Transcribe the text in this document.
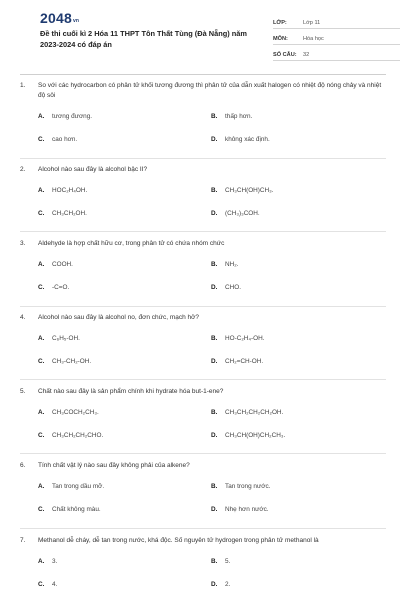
$2048_{vn}$
Đề thi cuối kì 2 Hóa 11 THPT Tôn Thất Tùng (Đà Nẵng) năm 2023-2024 có đáp án
LỚP:	Lớp 11
MÔN:	Hóa học
SỐ CÂU:	32
1.	So với các hydrocarbon có phân tử khối tương đương thì phân tử của dẫn xuất halogen có nhiệt độ nóng chảy và nhiệt độ sôi
A.	tương đương.	B.	thấp hơn.
C.	cao hơn.	D.	không xác định.
2.	Alcohol nào sau đây là alcohol bậc II?
A.	HOC₂H₄OH.	B.	CH₃CH(OH)CH₃.
C.	CH₃CH₂OH.	D.	(CH₃)₃COH.
3.	Aldehyde là hợp chất hữu cơ, trong phân tử có chứa nhóm chức
A.	COOH.	B.	NH₂.
C.	-C=O.	D.	CHO.
4.	Alcohol nào sau đây là alcohol no, đơn chức, mạch hở?
A.	C₆H₅-OH.	B.	HO-C₂H₄-OH.
C.	CH₃-CH₂-OH.	D.	CH₂=CH-OH.
5.	Chất nào sau đây là sản phẩm chính khi hydrate hóa but-1-ene?
A.	CH₃COCH₂CH₃.	B.	CH₃CH₂CH₂CH₂OH.
C.	CH₃CH₂CH₂CHO.	D.	CH₃CH(OH)CH₂CH₃.
6.	Tính chất vật lý nào sau đây không phải của alkene?
A.	Tan trong dầu mỡ.	B.	Tan trong nước.
C.	Chất không màu.	D.	Nhẹ hơn nước.
7.	Methanol dễ cháy, dễ tan trong nước, khá độc. Số nguyên tử hydrogen trong phân tử methanol là
A.	3.	B.	5.
C.	4.	D.	2.
